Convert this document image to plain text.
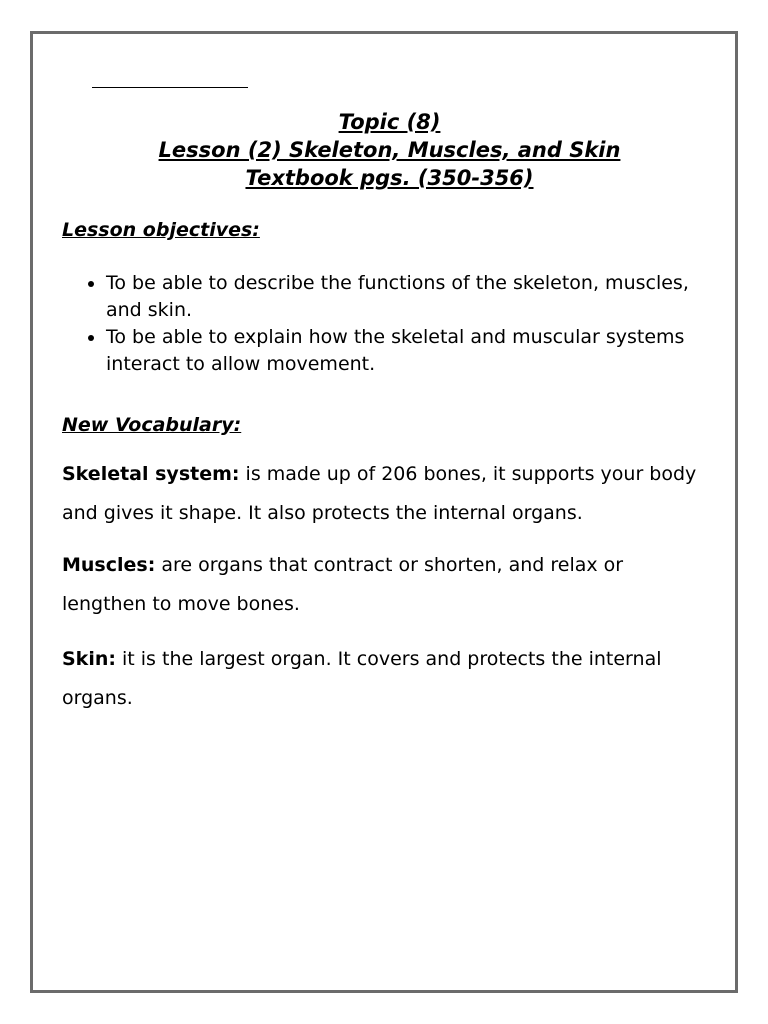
Topic (8)
Lesson (2) Skeleton, Muscles, and Skin
Textbook pgs. (350-356)
Lesson objectives:
• To be able to describe the functions of the skeleton, muscles, and skin.
• To be able to explain how the skeletal and muscular systems interact to allow movement.
New Vocabulary:
Skeletal system: is made up of 206 bones, it supports your body and gives it shape. It also protects the internal organs.
Muscles: are organs that contract or shorten, and relax or lengthen to move bones.
Skin: it is the largest organ. It covers and protects the internal organs.
